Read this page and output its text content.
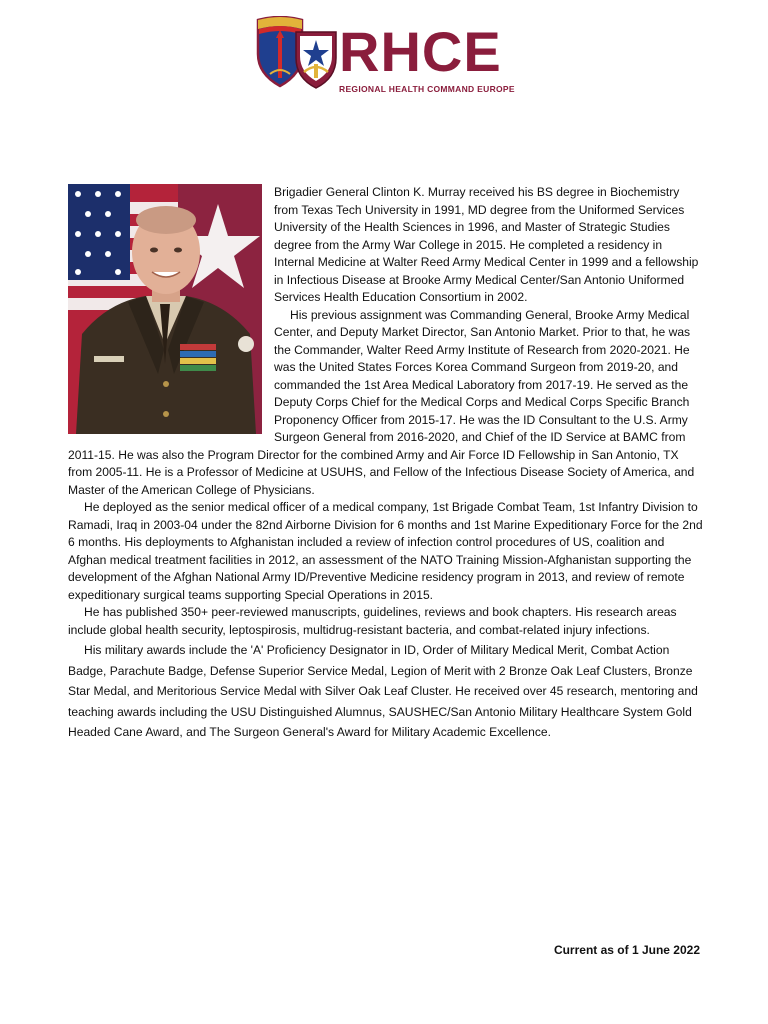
RHCE
REGIONAL HEALTH COMMAND EUROPE

Brigadier General Clinton K. Murray received his BS degree in Biochemistry from Texas Tech University in 1991, MD degree from the Uniformed Services University of the Health Sciences in 1996, and Master of Strategic Studies degree from the Army War College in 2015. He completed a residency in Internal Medicine at Walter Reed Army Medical Center in 1999 and a fellowship in Infectious Disease at Brooke Army Medical Center/San Antonio Uniformed Services Health Education Consortium in 2002.

His previous assignment was Commanding General, Brooke Army Medical Center, and Deputy Market Director, San Antonio Market. Prior to that, he was the Commander, Walter Reed Army Institute of Research from 2020-2021. He was the United States Forces Korea Command Surgeon from 2019-20, and commanded the 1st Area Medical Laboratory from 2017-19. He served as the Deputy Corps Chief for the Medical Corps and Medical Corps Specific Branch Proponency Officer from 2015-17. He was the ID Consultant to the U.S. Army Surgeon General from 2016-2020, and Chief of the ID Service at BAMC from 2011-15. He was also the Program Director for the combined Army and Air Force ID Fellowship in San Antonio, TX from 2005-11. He is a Professor of Medicine at USUHS, and Fellow of the Infectious Disease Society of America, and Master of the American College of Physicians.

He deployed as the senior medical officer of a medical company, 1st Brigade Combat Team, 1st Infantry Division to Ramadi, Iraq in 2003-04 under the 82nd Airborne Division for 6 months and 1st Marine Expeditionary Force for the 2nd 6 months. His deployments to Afghanistan included a review of infection control procedures of US, coalition and Afghan medical treatment facilities in 2012, an assessment of the NATO Training Mission-Afghanistan supporting the development of the Afghan National Army ID/Preventive Medicine residency program in 2013, and review of remote expeditionary surgical teams supporting Special Operations in 2015.

He has published 350+ peer-reviewed manuscripts, guidelines, reviews and book chapters. His research areas include global health security, leptospirosis, multidrug-resistant bacteria, and combat-related injury infections.

His military awards include the 'A' Proficiency Designator in ID, Order of Military Medical Merit, Combat Action Badge, Parachute Badge, Defense Superior Service Medal, Legion of Merit with 2 Bronze Oak Leaf Clusters, Bronze Star Medal, and Meritorious Service Medal with Silver Oak Leaf Cluster. He received over 45 research, mentoring and teaching awards including the USU Distinguished Alumnus, SAUSHEC/San Antonio Military Healthcare System Gold Headed Cane Award, and The Surgeon General's Award for Military Academic Excellence.

Current as of 1 June 2022
